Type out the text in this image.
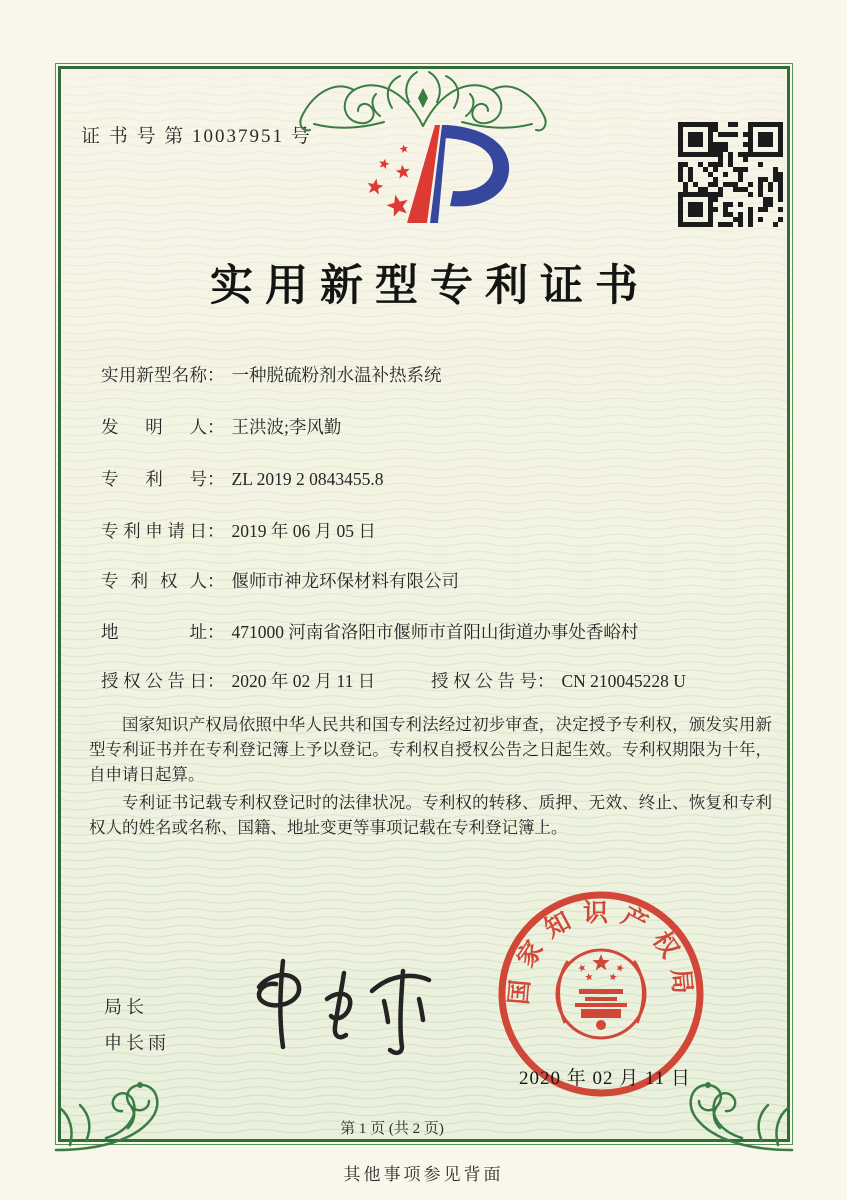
证 书 号 第 10037951 号
实用新型专利证书
实用新型名称： 一种脱硫粉剂水温补热系统
发明人： 王洪波;李风勤
专利号： ZL 2019 2 0843455.8
专利申请日： 2019 年 06 月 05 日
专利权人： 偃师市神龙环保材料有限公司
地址： 471000 河南省洛阳市偃师市首阳山街道办事处香峪村
授权公告日： 2020 年 02 月 11 日	授权公告号： CN 210045228 U

国家知识产权局依照中华人民共和国专利法经过初步审查，决定授予专利权，颁发实用新型专利证书并在专利登记簿上予以登记。专利权自授权公告之日起生效。专利权期限为十年，自申请日起算。

专利证书记载专利权登记时的法律状况。专利权的转移、质押、无效、终止、恢复和专利权人的姓名或名称、国籍、地址变更等事项记载在专利登记簿上。

局长
申长雨
国家知识产权局
2020 年 02 月 11 日
第 1 页 (共 2 页)
其他事项参见背面
